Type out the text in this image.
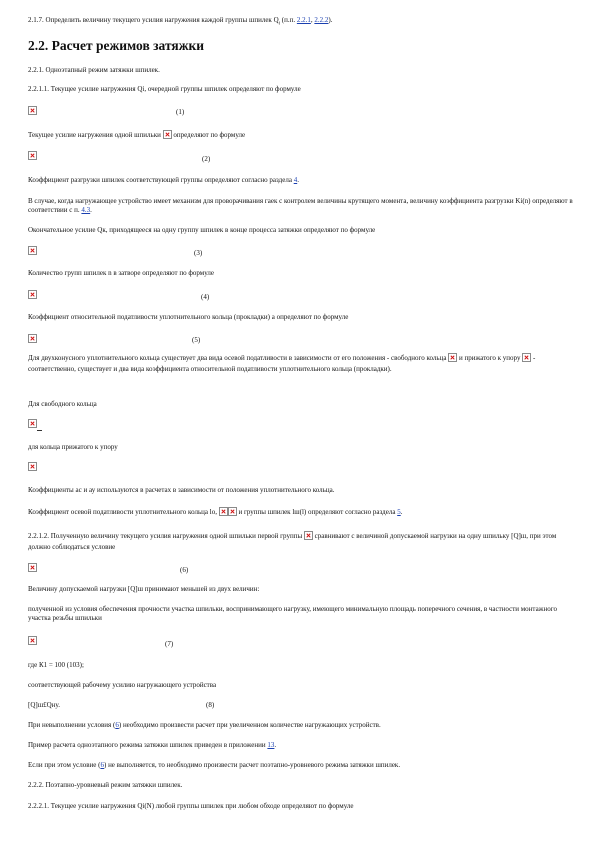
2.1.7. Определить величину текущего усилия нагружения каждой группы шпилек $Q_i$ (п.п. 2.2.1, 2.2.2).
2.2. Расчет режимов затяжки
2.2.1. Одноэтапный режим затяжки шпилек.
2.2.1.1. Текущее усилие нагружения Qi, очередной группы шпилек определяют по формуле
(1)
Текущее усилие нагружения одной шпильки определяют по формуле
(2)
Коэффициент разгрузки шпилек соответствующей группы определяют согласно раздела 4.
В случае, когда нагружающее устройство имеет механизм для проворачивания гаек с контролем величины крутящего момента, величину коэффициента разгрузки Ki(n) определяют в соответствии с п. 4.3.
Окончательное усилие Qк, приходящееся на одну группу шпилек в конце процесса затяжки определяют по формуле
(3)
Количество групп шпилек n в затворе определяют по формуле
(4)
Коэффициент относительной податливости уплотнительного кольца (прокладки) a определяют по формуле
(5)
Для двухконусного уплотнительного кольца существует два вида осевой податливости в зависимости от его положения - свободного кольца и прижатого к упору - соответственно, существует и два вида коэффициента относительной податливости уплотнительного кольца (прокладки).
Для свободного кольца
для кольца прижатого к упору
Коэффициенты ас и ау используются в расчетах в зависимости от положения уплотнительного кольца.
Коэффициент осевой податливости уплотнительного кольца lо,	и группы шпилек lш(l) определяют согласно раздела 5.
2.2.1.2. Полученную величину текущего усилия нагружения одной шпильки первой группы сравнивают с величиной допускаемой нагрузки на одну шпильку [Q]ш, при этом должно соблюдаться условие
(6)
Величину допускаемой нагрузки [Q]ш принимают меньшей из двух величин:
полученной из условия обеспечения прочности участка шпильки, воспринимающего нагрузку, имеющего минимальную площадь поперечного сечения, в частности монтажного участка резьбы шпильки
(7)
где К1 = 100 (103);
соответствующей рабочему усилию нагружающего устройства
[Q]ш£Qну.	(8)
При невыполнении условия (6) необходимо произвести расчет при увеличенном количестве нагружающих устройств.
Пример расчета одноэтапного режима затяжки шпилек приведен в приложении 13.
Если при этом условие (6) не выполняется, то необходимо произвести расчет поэтапно-уровневого режима затяжки шпилек.
2.2.2. Поэтапно-уровневый режим затяжки шпилек.
2.2.2.1. Текущее усилие нагружения Qi(N) любой группы шпилек при любом обходе определяют по формуле
